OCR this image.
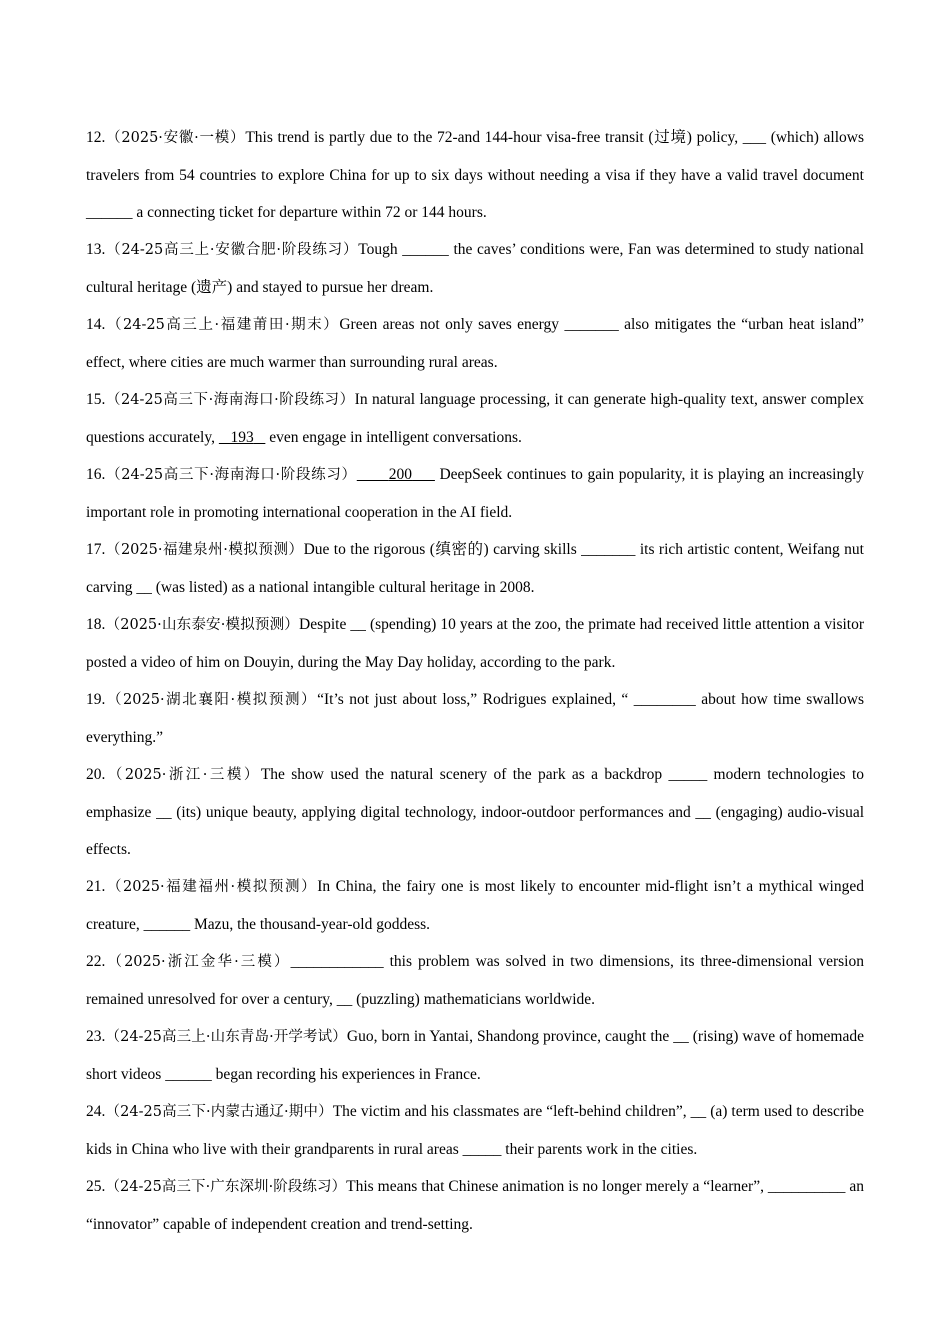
12.（2025·安徽·一模）This trend is partly due to the 72-and 144-hour visa-free transit (过境) policy, ___ (which) allows travelers from 54 countries to explore China for up to six days without needing a visa if they have a valid travel document ______ a connecting ticket for departure within 72 or 144 hours.

13.（24-25高三上·安徽合肥·阶段练习）Tough ______ the caves’ conditions were, Fan was determined to study national cultural heritage (遗产) and stayed to pursue her dream.

14.（24-25高三上·福建莆田·期末）Green areas not only saves energy _______ also mitigates the “urban heat island” effect, where cities are much warmer than surrounding rural areas.

15.（24-25高三下·海南海口·阶段练习）In natural language processing, it can generate high-quality text, answer complex questions accurately,    193    even engage in intelligent conversations.

16.（24-25高三下·海南海口·阶段练习） 200      DeepSeek continues to gain popularity, it is playing an increasingly important role in promoting international cooperation in the AI field.

17.（2025·福建泉州·模拟预测）Due to the rigorous (缜密的) carving skills _______ its rich artistic content, Weifang nut carving __ (was listed) as a national intangible cultural heritage in 2008.

18.（2025·山东泰安·模拟预测）Despite __ (spending) 10 years at the zoo, the primate had received little attention a visitor posted a video of him on Douyin, during the May Day holiday, according to the park.

19.（2025·湖北襄阳·模拟预测）“It’s not just about loss,” Rodrigues explained, “ ________ about how time swallows everything.”

20.（2025·浙江·三模）The show used the natural scenery of the park as a backdrop _____ modern technologies to emphasize __ (its) unique beauty, applying digital technology, indoor-outdoor performances and __ (engaging) audio-visual effects.

21.（2025·福建福州·模拟预测）In China, the fairy one is most likely to encounter mid-flight isn’t a mythical winged creature, ______ Mazu, the thousand-year-old goddess.

22.（2025·浙江金华·三模）____________ this problem was solved in two dimensions, its three-dimensional version remained unresolved for over a century, __ (puzzling) mathematicians worldwide.

23.（24-25高三上·山东青岛·开学考试）Guo, born in Yantai, Shandong province, caught the __ (rising) wave of homemade short videos ______ began recording his experiences in France.

24.（24-25高三下·内蒙古通辽·期中）The victim and his classmates are “left-behind children”, __ (a) term used to describe kids in China who live with their grandparents in rural areas _____ their parents work in the cities.

25.（24-25高三下·广东深圳·阶段练习）This means that Chinese animation is no longer merely a “learner”, __________ an “innovator” capable of independent creation and trend-setting.
